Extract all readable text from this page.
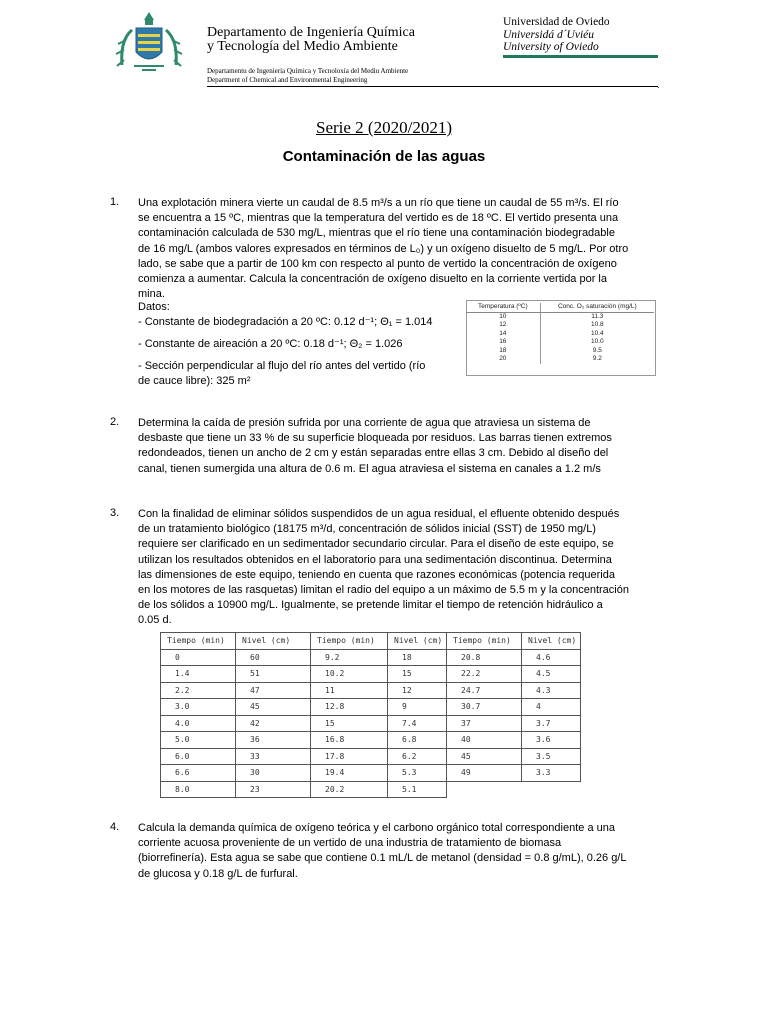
Departamento de Ingeniería Química
y Tecnología del Medio Ambiente
Departamentu de Ingeniería Química y Tecnoloxía del Mediu Ambiente
Department of Chemical and Environmental Engineering
Universidad de Oviedo
Universidá d´Uviéu
University of Oviedo
.
Serie 2 (2020/2021)
Contaminación de las aguas
1. Una explotación minera vierte un caudal de 8.5 m³/s a un río que tiene un caudal de 55 m³/s. El río
se encuentra a 15 ºC, mientras que la temperatura del vertido es de 18 ºC. El vertido presenta una
contaminación calculada de 530 mg/L, mientras que el río tiene una contaminación biodegradable
de 16 mg/L (ambos valores expresados en términos de L₀) y un oxígeno disuelto de 5 mg/L. Por otro
lado, se sabe que a partir de 100 km con respecto al punto de vertido la concentración de oxígeno
comienza a aumentar. Calcula la concentración de oxígeno disuelto en la corriente vertida por la
mina.
Datos:
- Constante de biodegradación a 20 ºC: 0.12 d⁻¹; Θ₁ = 1.014
- Constante de aireación a 20 ºC: 0.18 d⁻¹; Θ₂ = 1.026
- Sección perpendicular al flujo del río antes del vertido (río
de cauce libre): 325 m²
Temperatura (ºC)	Conc. O₂ saturación (mg/L)
10	11.3
12	10.8
14	10.4
16	10.0
18	9.5
20	9.2
2. Determina la caída de presión sufrida por una corriente de agua que atraviesa un sistema de
desbaste que tiene un 33 % de su superficie bloqueada por residuos. Las barras tienen extremos
redondeados, tienen un ancho de 2 cm y están separadas entre ellas 3 cm. Debido al diseño del
canal, tienen sumergida una altura de 0.6 m. El agua atraviesa el sistema en canales a 1.2 m/s
3. Con la finalidad de eliminar sólidos suspendidos de un agua residual, el efluente obtenido después
de un tratamiento biológico (18175 m³/d, concentración de sólidos inicial (SST) de 1950 mg/L)
requiere ser clarificado en un sedimentador secundario circular. Para el diseño de este equipo, se
utilizan los resultados obtenidos en el laboratorio para una sedimentación discontinua. Determina
las dimensiones de este equipo, teniendo en cuenta que razones económicas (potencia requerida
en los motores de las rasquetas) limitan el radio del equipo a un máximo de 5.5 m y la concentración
de los sólidos a 10900 mg/L. Igualmente, se pretende limitar el tiempo de retención hidráulico a
0.05 d.
Tiempo (min)	Nivel (cm)	Tiempo (min)	Nivel (cm)	Tiempo (min)	Nivel (cm)
0	60	9.2	18	20.8	4.6
1.4	51	10.2	15	22.2	4.5
2.2	47	11	12	24.7	4.3
3.0	45	12.8	9	30.7	4
4.0	42	15	7.4	37	3.7
5.0	36	16.8	6.8	40	3.6
6.0	33	17.8	6.2	45	3.5
6.6	30	19.4	5.3	49	3.3
8.0	23	20.2	5.1		
4. Calcula la demanda química de oxígeno teórica y el carbono orgánico total correspondiente a una
corriente acuosa proveniente de un vertido de una industria de tratamiento de biomasa
(biorrefinería). Esta agua se sabe que contiene 0.1 mL/L de metanol (densidad = 0.8 g/mL), 0.26 g/L
de glucosa y 0.18 g/L de furfural.
